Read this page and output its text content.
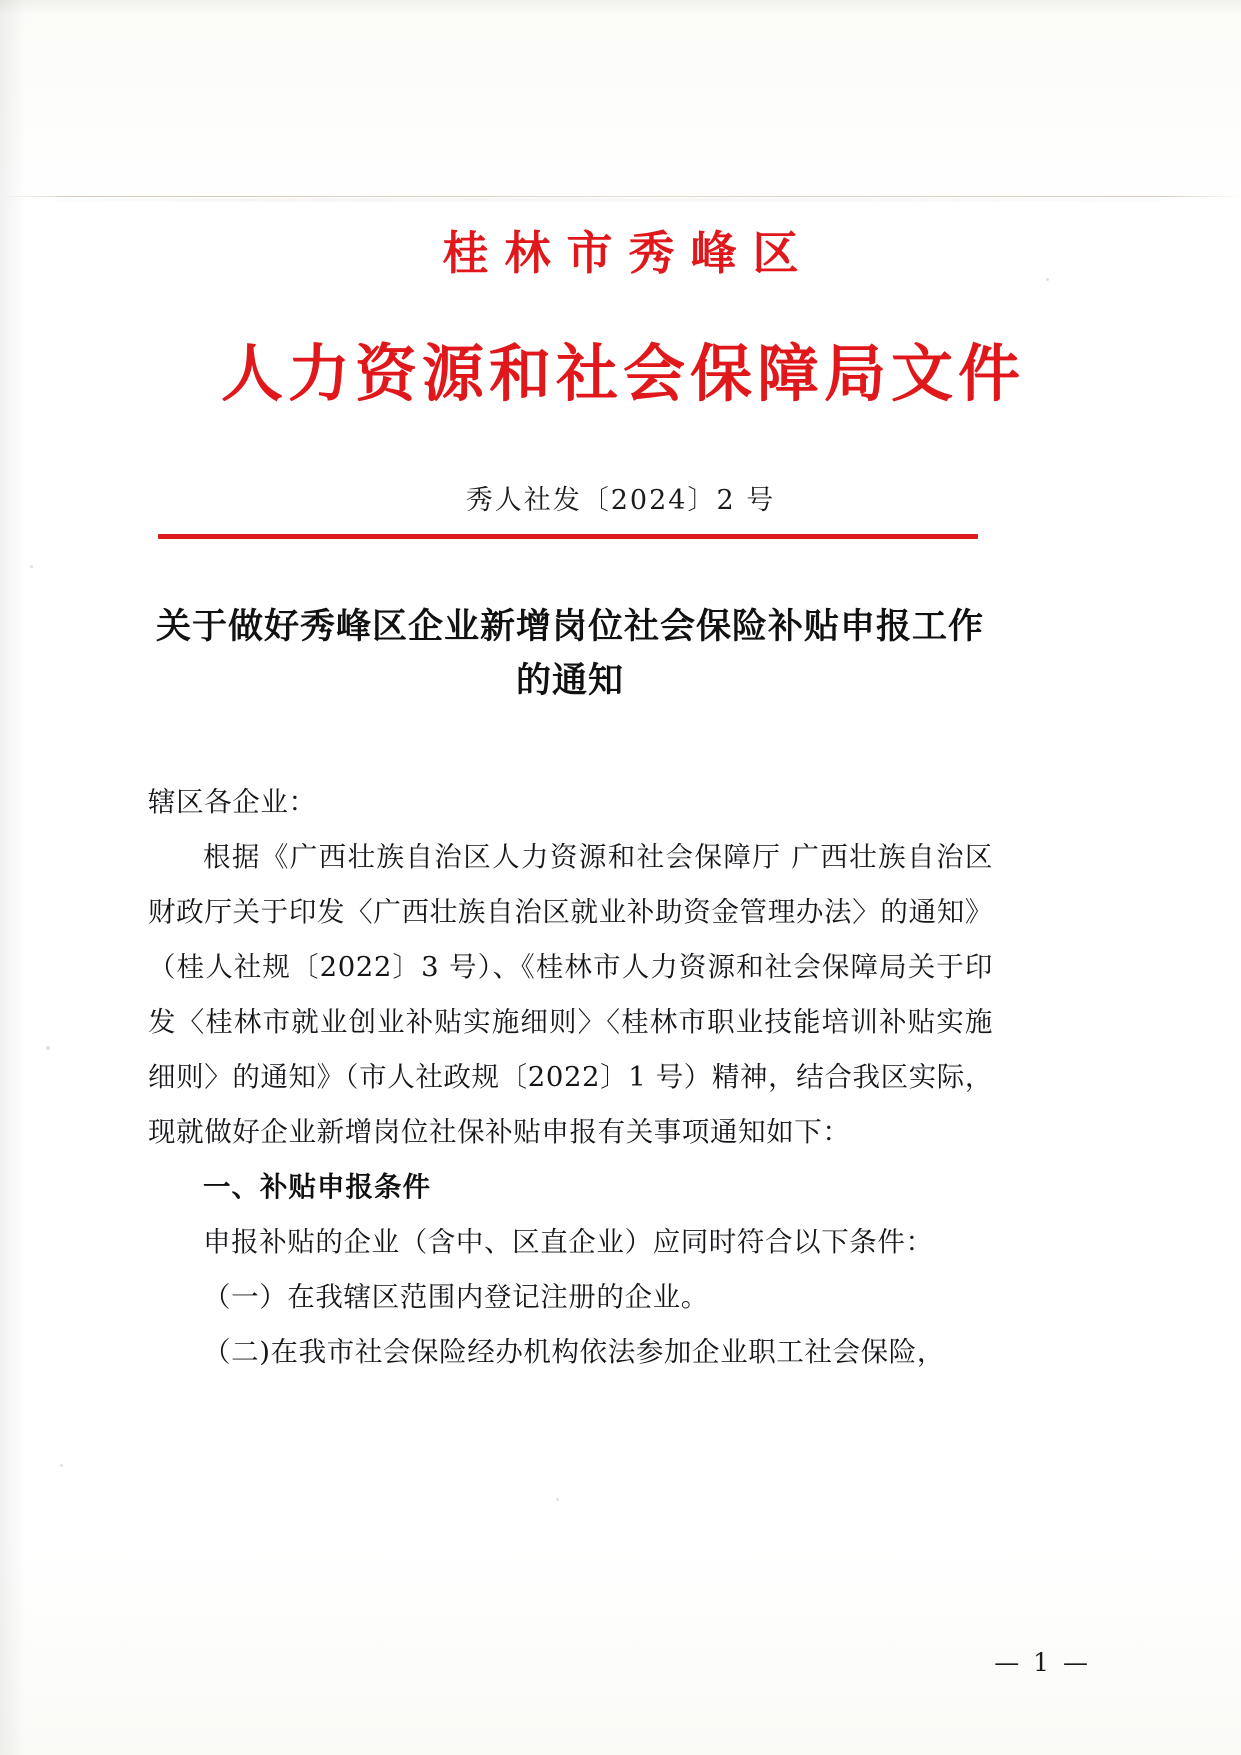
桂林市秀峰区
人力资源和社会保障局文件
秀人社发〔2024〕2 号
关于做好秀峰区企业新增岗位社会保险补贴申报工作的通知

辖区各企业：

根据《广西壮族自治区人力资源和社会保障厅 广西壮族自治区财政厅关于印发〈广西壮族自治区就业补助资金管理办法〉的通知》（桂人社规〔2022〕3 号）、《桂林市人力资源和社会保障局关于印发〈桂林市就业创业补贴实施细则〉〈桂林市职业技能培训补贴实施细则〉的通知》（市人社政规〔2022〕1 号）精神，结合我区实际，现就做好企业新增岗位社保补贴申报有关事项通知如下：

一、补贴申报条件

申报补贴的企业（含中、区直企业）应同时符合以下条件：

（一）在我辖区范围内登记注册的企业。

（二)在我市社会保险经办机构依法参加企业职工社会保险，

— 1 —
